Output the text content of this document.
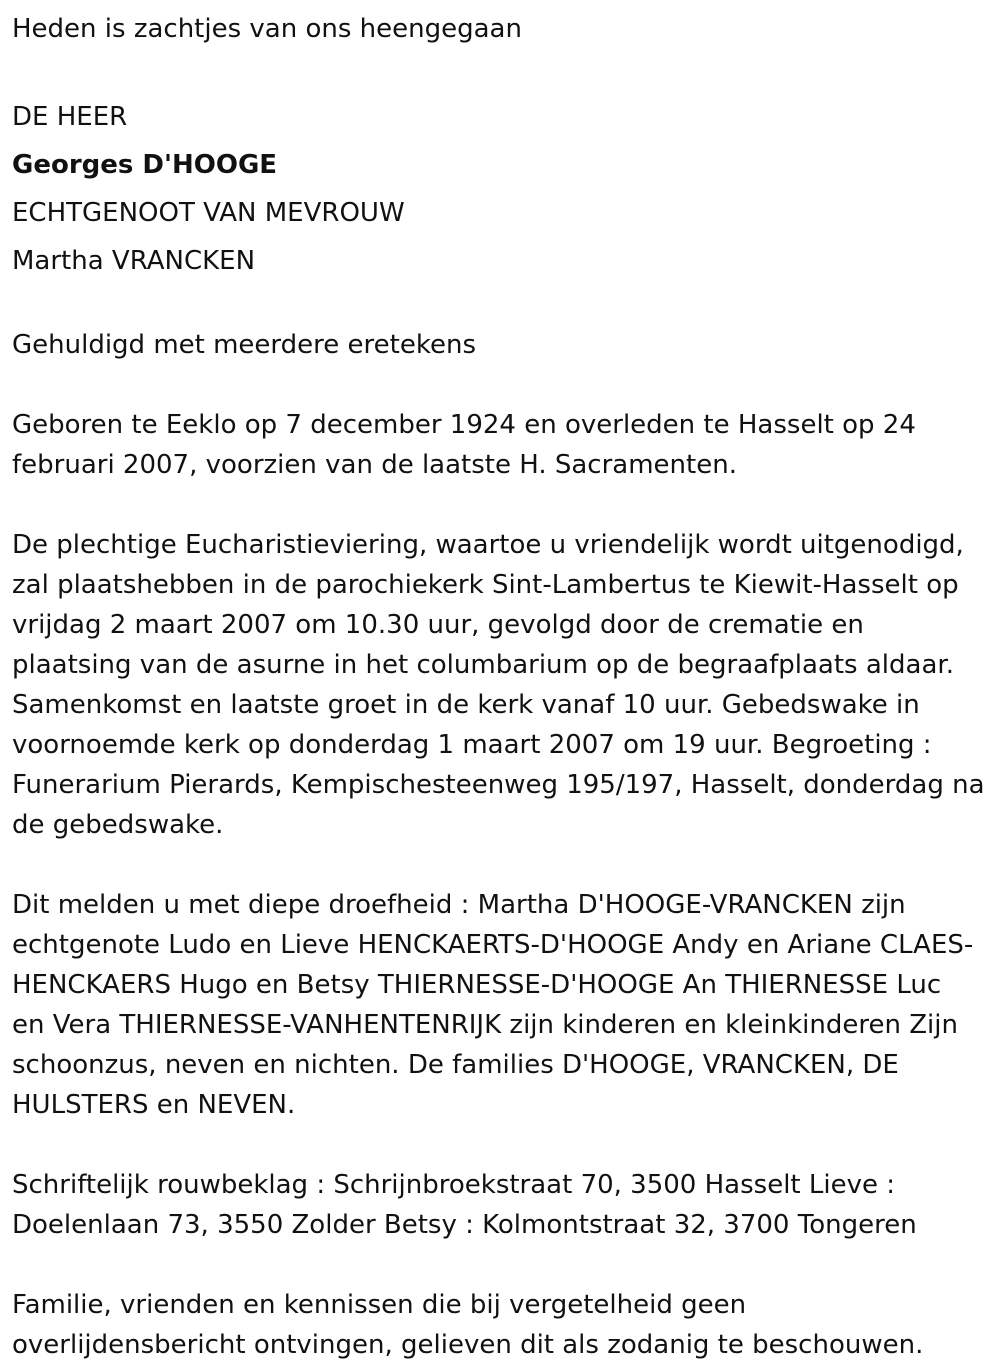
Heden is zachtjes van ons heengegaan

DE HEER

Georges D'HOOGE

ECHTGENOOT VAN MEVROUW

Martha VRANCKEN

Gehuldigd met meerdere eretekens

Geboren te Eeklo op 7 december 1924 en overleden te Hasselt op 24

februari 2007, voorzien van de laatste H. Sacramenten.

De plechtige Eucharistieviering, waartoe u vriendelijk wordt uitgenodigd,

zal plaatshebben in de parochiekerk Sint-Lambertus te Kiewit-Hasselt op

vrijdag 2 maart 2007 om 10.30 uur, gevolgd door de crematie en

plaatsing van de asurne in het columbarium op de begraafplaats aldaar.

Samenkomst en laatste groet in de kerk vanaf 10 uur. Gebedswake in

voornoemde kerk op donderdag 1 maart 2007 om 19 uur. Begroeting :

Funerarium Pierards, Kempischesteenweg 195/197, Hasselt, donderdag na

de gebedswake.

Dit melden u met diepe droefheid : Martha D'HOOGE-VRANCKEN zijn

echtgenote Ludo en Lieve HENCKAERTS-D'HOOGE Andy en Ariane CLAES-

HENCKAERS Hugo en Betsy THIERNESSE-D'HOOGE An THIERNESSE Luc

en Vera THIERNESSE-VANHENTENRIJK zijn kinderen en kleinkinderen Zijn

schoonzus, neven en nichten. De families D'HOOGE, VRANCKEN, DE

HULSTERS en NEVEN.

Schriftelijk rouwbeklag : Schrijnbroekstraat 70, 3500 Hasselt Lieve :

Doelenlaan 73, 3550 Zolder Betsy : Kolmontstraat 32, 3700 Tongeren

Familie, vrienden en kennissen die bij vergetelheid geen

overlijdensbericht ontvingen, gelieven dit als zodanig te beschouwen.
